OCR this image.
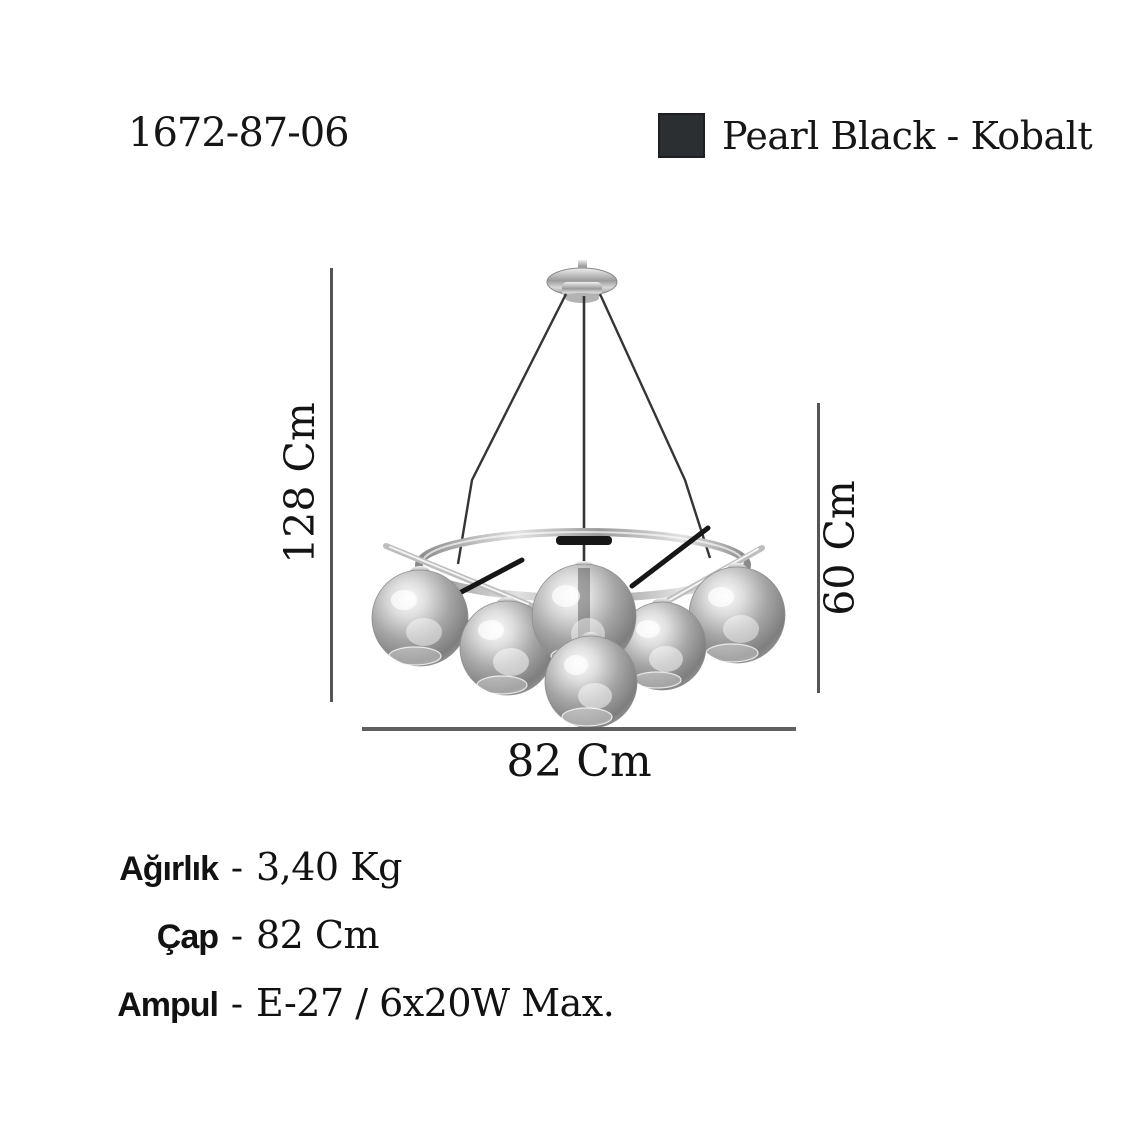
1672-87-06	Pearl Black - Kobalt
128 Cm	60 Cm
82 Cm
Ağırlık - 3,40 Kg
Çap - 82 Cm
Ampul - E-27 / 6x20W Max.
